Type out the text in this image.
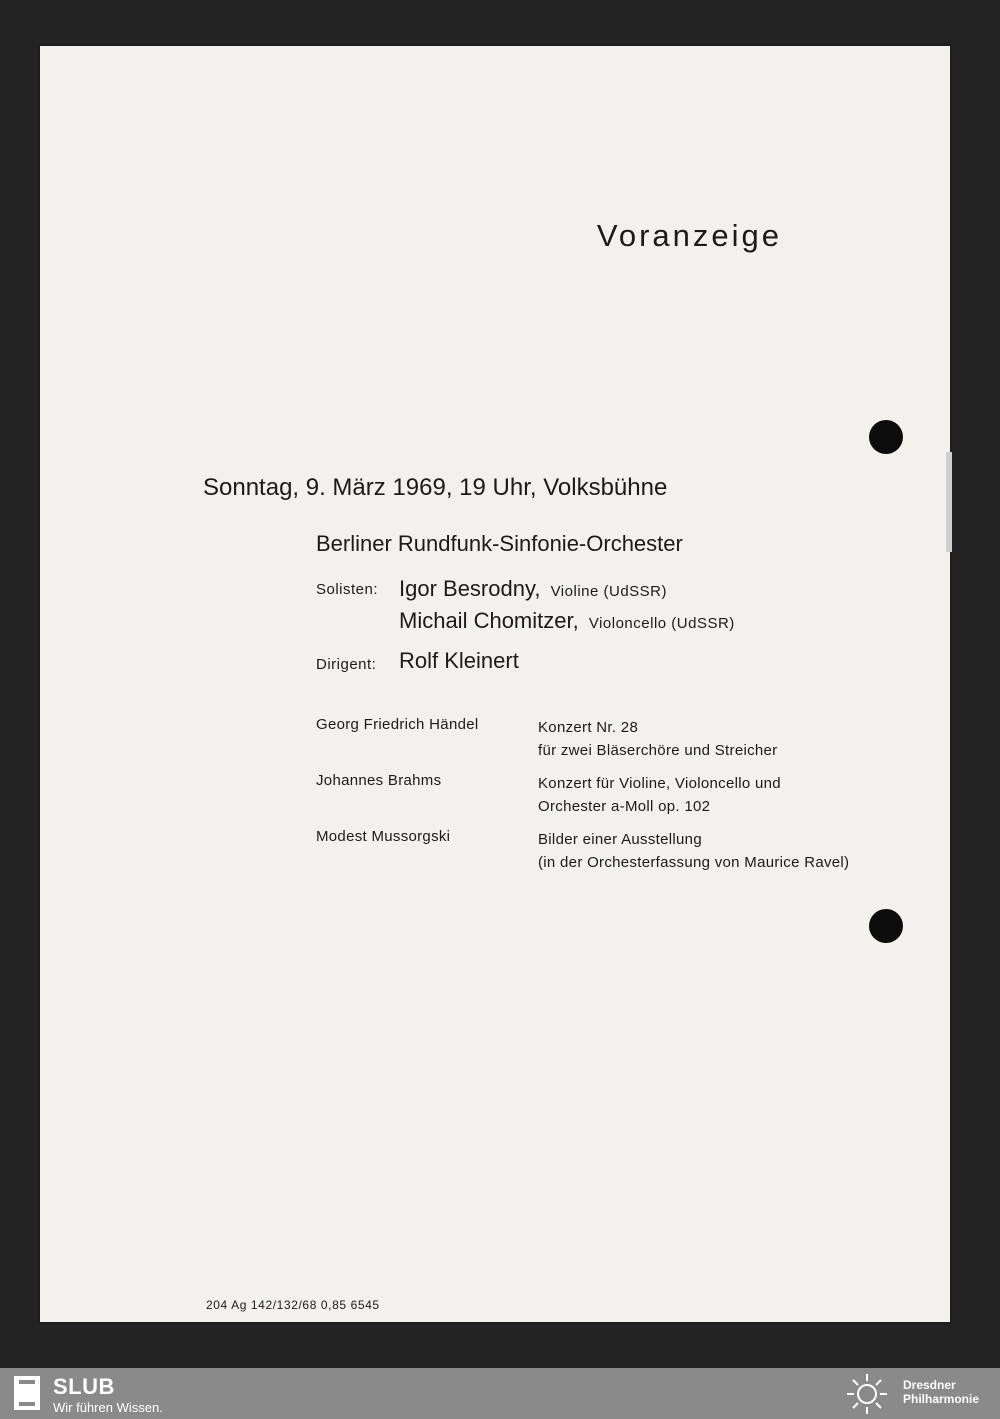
Voranzeige
Sonntag, 9. März 1969, 19 Uhr, Volksbühne
Berliner Rundfunk-Sinfonie-Orchester
Solisten: Igor Besrodny, Violine (UdSSR)
Michail Chomitzer, Violoncello (UdSSR)
Dirigent: Rolf Kleinert
Georg Friedrich Händel	Konzert Nr. 28
für zwei Bläserchöre und Streicher
Johannes Brahms	Konzert für Violine, Violoncello und
Orchester a-Moll op. 102
Modest Mussorgski	Bilder einer Ausstellung
(in der Orchesterfassung von Maurice Ravel)
204 Ag 142/132/68 0,85 6545
SLUB
Wir führen Wissen.
Dresdner
Philharmonie
